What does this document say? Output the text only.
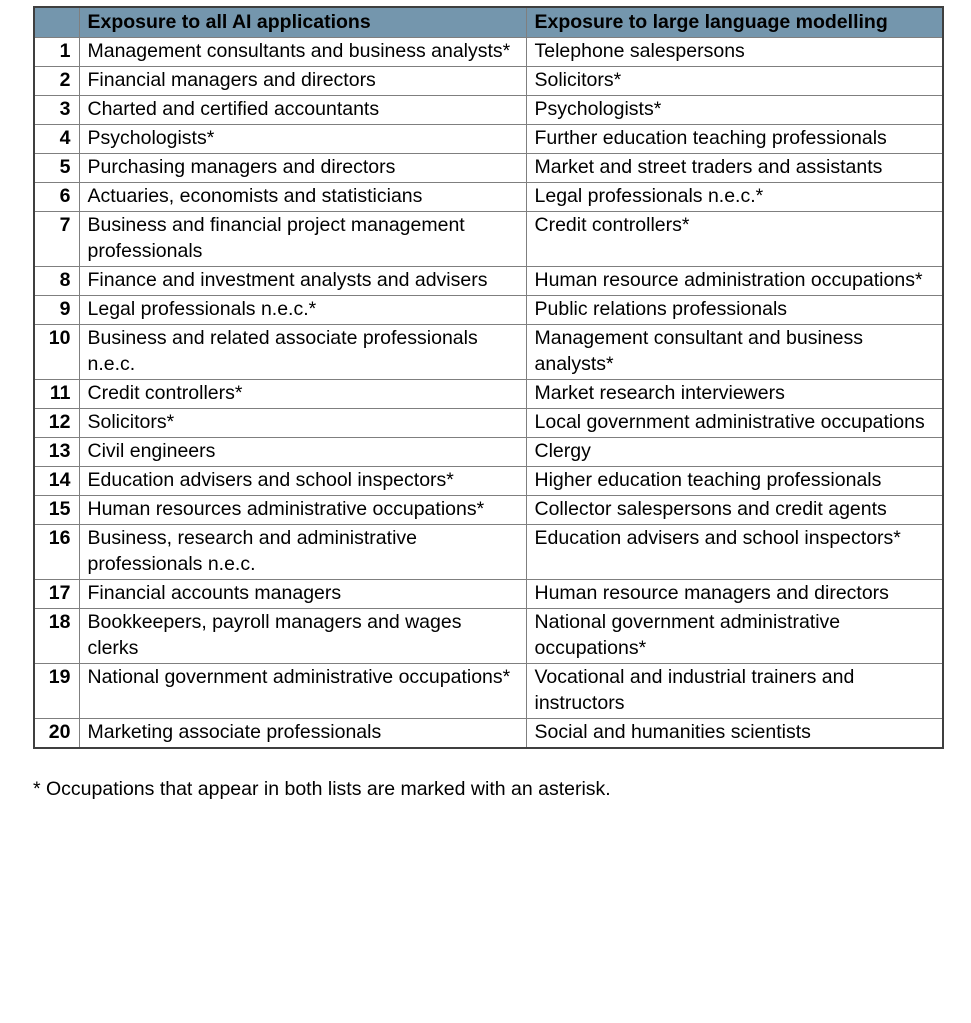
	Exposure to all AI applications	Exposure to large language modelling
1	Management consultants and business analysts*	Telephone salespersons
2	Financial managers and directors	Solicitors*
3	Charted and certified accountants	Psychologists*
4	Psychologists*	Further education teaching professionals
5	Purchasing managers and directors	Market and street traders and assistants
6	Actuaries, economists and statisticians	Legal professionals n.e.c.*
7	Business and financial project management professionals	Credit controllers*
8	Finance and investment analysts and advisers	Human resource administration occupations*
9	Legal professionals n.e.c.*	Public relations professionals
10	Business and related associate professionals n.e.c.	Management consultant and business analysts*
11	Credit controllers*	Market research interviewers
12	Solicitors*	Local government administrative occupations
13	Civil engineers	Clergy
14	Education advisers and school inspectors*	Higher education teaching professionals
15	Human resources administrative occupations*	Collector salespersons and credit agents
16	Business, research and administrative professionals n.e.c.	Education advisers and school inspectors*
17	Financial accounts managers	Human resource managers and directors
18	Bookkeepers, payroll managers and wages clerks	National government administrative occupations*
19	National government administrative occupations*	Vocational and industrial trainers and instructors
20	Marketing associate professionals	Social and humanities scientists
* Occupations that appear in both lists are marked with an asterisk.
